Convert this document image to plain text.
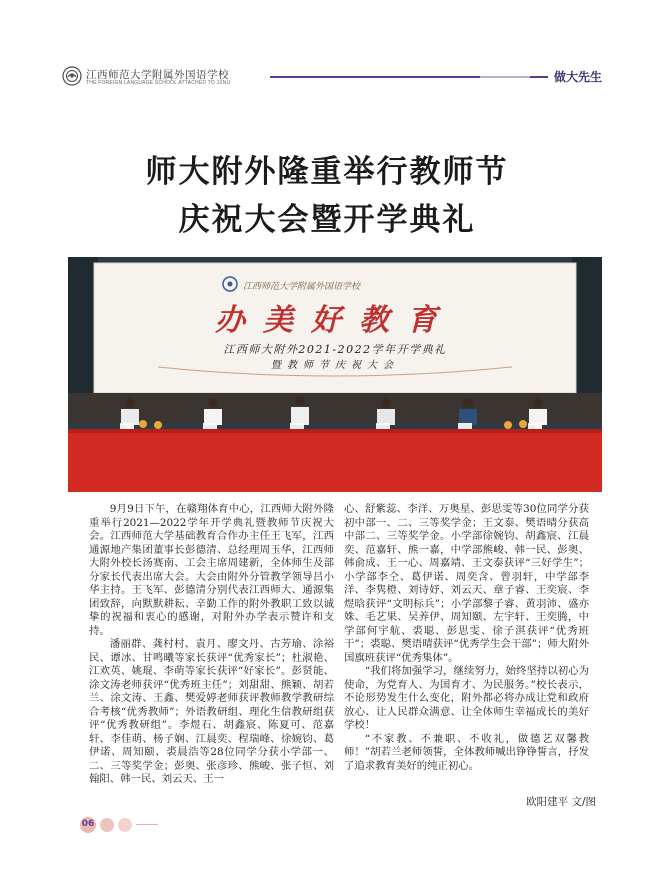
江西师范大学附属外国语学校
THE FOREIGN LANGUAGE SCHOOL ATTACHED TO JXNU	做大先生
师大附外隆重举行教师节
庆祝大会暨开学典礼
江西师范大学附属外国语学校
办美好教育
江西师大附外2021-2022学年开学典礼
暨教师节庆祝大会

9月9日下午，在赣翔体育中心，江西师大附外隆重举行2021—2022学年开学典礼暨教师节庆祝大会。江西师范大学基础教育合作办主任王飞军，江西通源地产集团董事长彭德清、总经理周玉华，江西师大附外校长汤赛南、工会主席周建新，全体师生及部分家长代表出席大会。大会由附外分管教学领导吕小华主持。王飞军、彭德清分别代表江西师大、通源集团致辞，向默默耕耘、辛勤工作的附外教职工致以诚挚的祝福和衷心的感谢，对附外办学表示赞许和支持。

潘丽群、龚村村、袁月、廖文丹、古芳瑜、涂裕民、谭冰、甘鸣曦等家长获评“优秀家长”；杜淑艳、江欢英、姚琨、李萌等家长获评“好家长”。彭贤能、涂文涛老师获评“优秀班主任”；刘甜甜、熊颖、胡若兰、涂文涛、王鑫、樊爱婷老师获评教师教学教研综合考核“优秀教师”；外语教研组、理化生信教研组获评“优秀教研组”。李煜石、胡鑫宸、陈夏可、范嘉轩、李佳萌、杨子娴、江晨奕、程瑞峰、徐婉钧、葛伊诺、周知颐、裘晨浩等28位同学分获小学部一、二、三等奖学金；彭奥、张彦珍、熊峻、张子恒、刘翰阳、韩一民、刘云天、王一

心、舒紫蕊、李洋、万奥星、彭思雯等30位同学分获初中部一、二、三等奖学金；王文泰、樊语晴分获高中部二、三等奖学金。小学部徐婉钧、胡鑫宸、江晨奕、范嘉轩、熊一嘉，中学部熊峻、韩一民、彭奥、韩俞成、王一心、周嘉靖、王文泰获评“三好学生”；小学部李仝、葛伊诺、周奕含、曾羽轩，中学部李洋、李隽橙、刘诗妤、刘云天、章子睿、王奕宸、李煜晗获评“文明标兵”；小学部黎子睿、黄羽沛、盛亦姝、毛艺果、吴养伊、周知颐、左宇轩、王奕腾，中学部何宇航、裘聪、彭思雯、徐子淇获评“优秀班干”；裘聪、樊语晴获评“优秀学生会干部”；师大附外国旗班获评“优秀集体”。

“我们将加强学习，继续努力，始终坚持以初心为使命，为党育人、为国育才、为民服务。”校长表示，不论形势发生什么变化，附外都必将办成让党和政府放心、让人民群众满意、让全体师生幸福成长的美好学校！

“不家教、不兼职、不收礼，做德艺双馨教师！”胡若兰老师领誓，全体教师喊出铮铮誓言，抒发了追求教育美好的纯正初心。

欧阳建平 文/图
06
